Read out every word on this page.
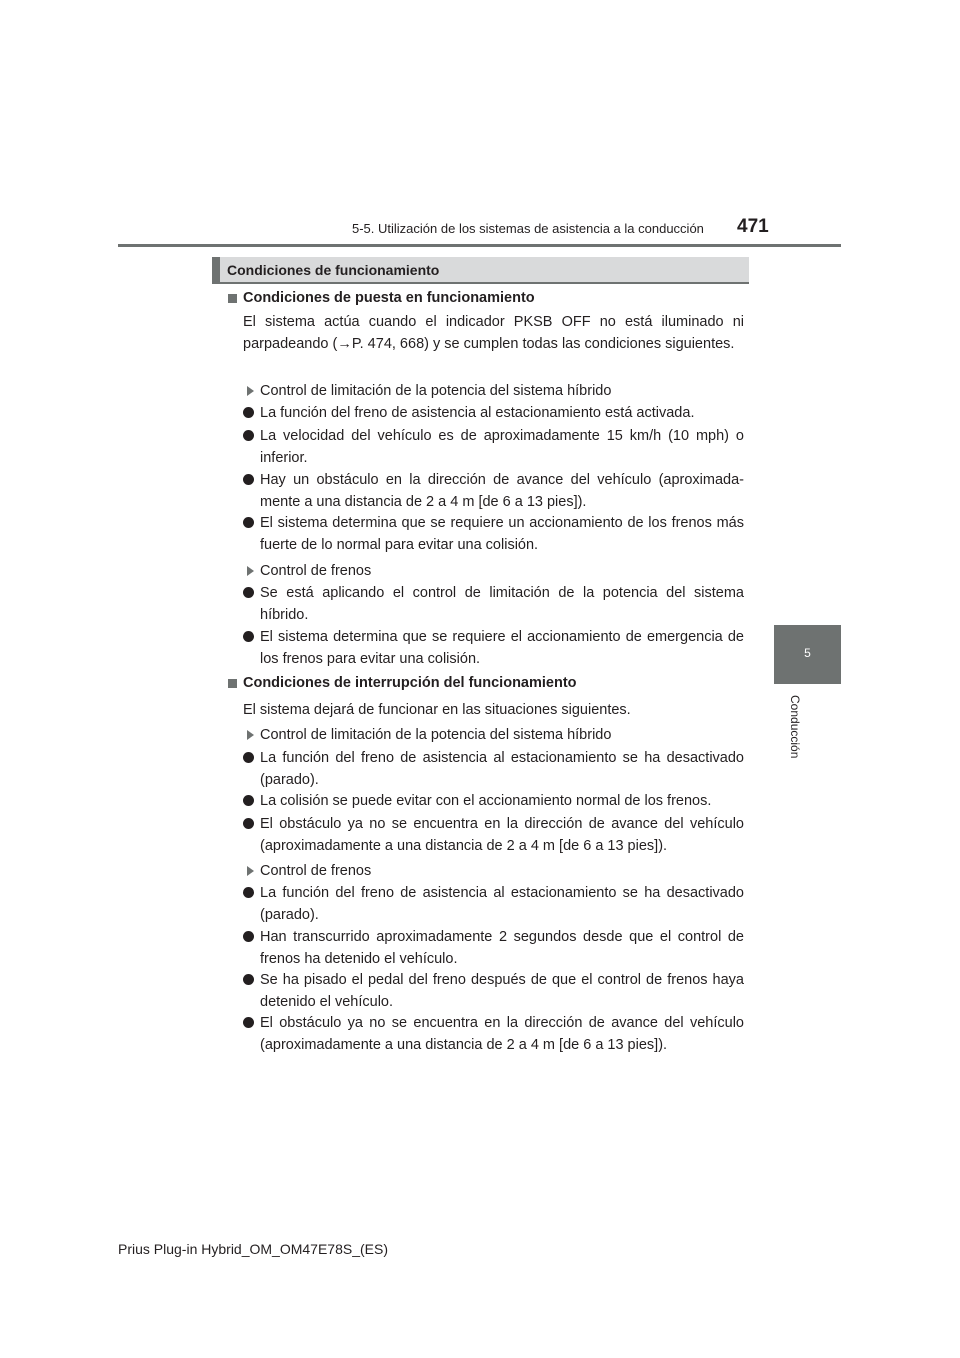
5-5. Utilización de los sistemas de asistencia a la conducción 471
5
Conducción
Condiciones de funcionamiento
Condiciones de puesta en funcionamiento
El sistema actúa cuando el indicador PKSB OFF no está iluminado ni parpadeando (→P. 474, 668) y se cumplen todas las condiciones siguientes.
Control de limitación de la potencia del sistema híbrido
La función del freno de asistencia al estacionamiento está activada.
La velocidad del vehículo es de aproximadamente 15 km/h (10 mph) o inferior.
Hay un obstáculo en la dirección de avance del vehículo (aproximada-mente a una distancia de 2 a 4 m [de 6 a 13 pies]).
El sistema determina que se requiere un accionamiento de los frenos más fuerte de lo normal para evitar una colisión.
Control de frenos
Se está aplicando el control de limitación de la potencia del sistema híbrido.
El sistema determina que se requiere el accionamiento de emergencia de los frenos para evitar una colisión.
Condiciones de interrupción del funcionamiento
El sistema dejará de funcionar en las situaciones siguientes.
Control de limitación de la potencia del sistema híbrido
La función del freno de asistencia al estacionamiento se ha desactivado (parado).
La colisión se puede evitar con el accionamiento normal de los frenos.
El obstáculo ya no se encuentra en la dirección de avance del vehículo (aproximadamente a una distancia de 2 a 4 m [de 6 a 13 pies]).
Control de frenos
La función del freno de asistencia al estacionamiento se ha desactivado (parado).
Han transcurrido aproximadamente 2 segundos desde que el control de frenos ha detenido el vehículo.
Se ha pisado el pedal del freno después de que el control de frenos haya detenido el vehículo.
El obstáculo ya no se encuentra en la dirección de avance del vehículo (aproximadamente a una distancia de 2 a 4 m [de 6 a 13 pies]).
Prius Plug-in Hybrid_OM_OM47E78S_(ES)
